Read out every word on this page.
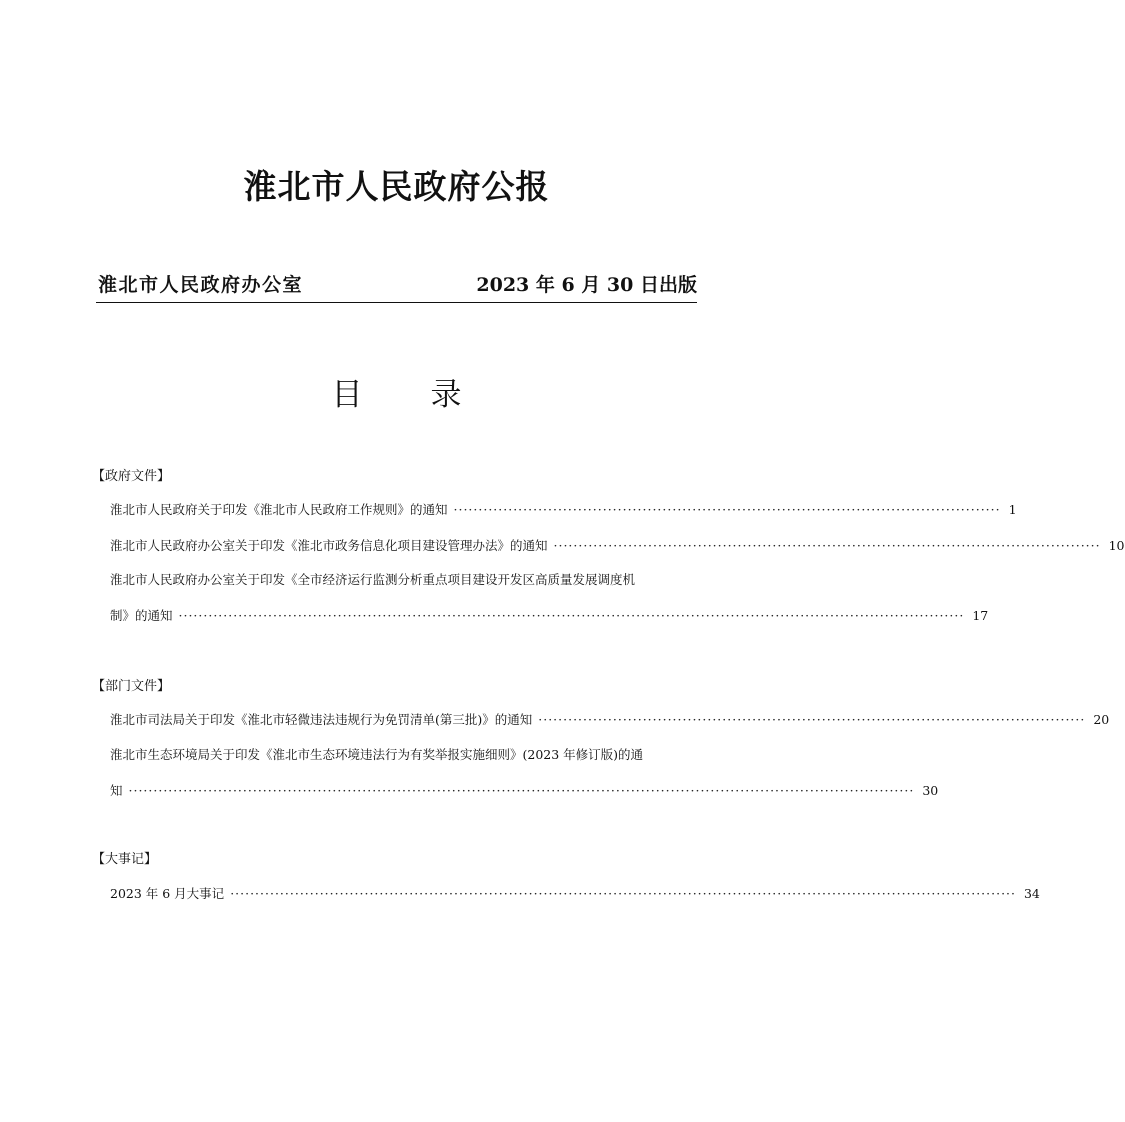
淮北市人民政府公报
淮北市人民政府办公室	2023 年 6 月 30 日出版
目 录
【政府文件】
淮北市人民政府关于印发《淮北市人民政府工作规则》的通知 ·············································································································· 1
淮北市人民政府办公室关于印发《淮北市政务信息化项目建设管理办法》的通知 ·············································································································· 10
淮北市人民政府办公室关于印发《全市经济运行监测分析重点项目建设开发区高质量发展调度机
制》的通知 ······························································································································································ 17
【部门文件】
淮北市司法局关于印发《淮北市轻微违法违规行为免罚清单(第三批)》的通知 ·············································································································· 20
淮北市生态环境局关于印发《淮北市生态环境违法行为有奖举报实施细则》(2023 年修订版)的通
知 ······························································································································································ 30
【大事记】
2023 年 6 月大事记 ······························································································································································ 34
